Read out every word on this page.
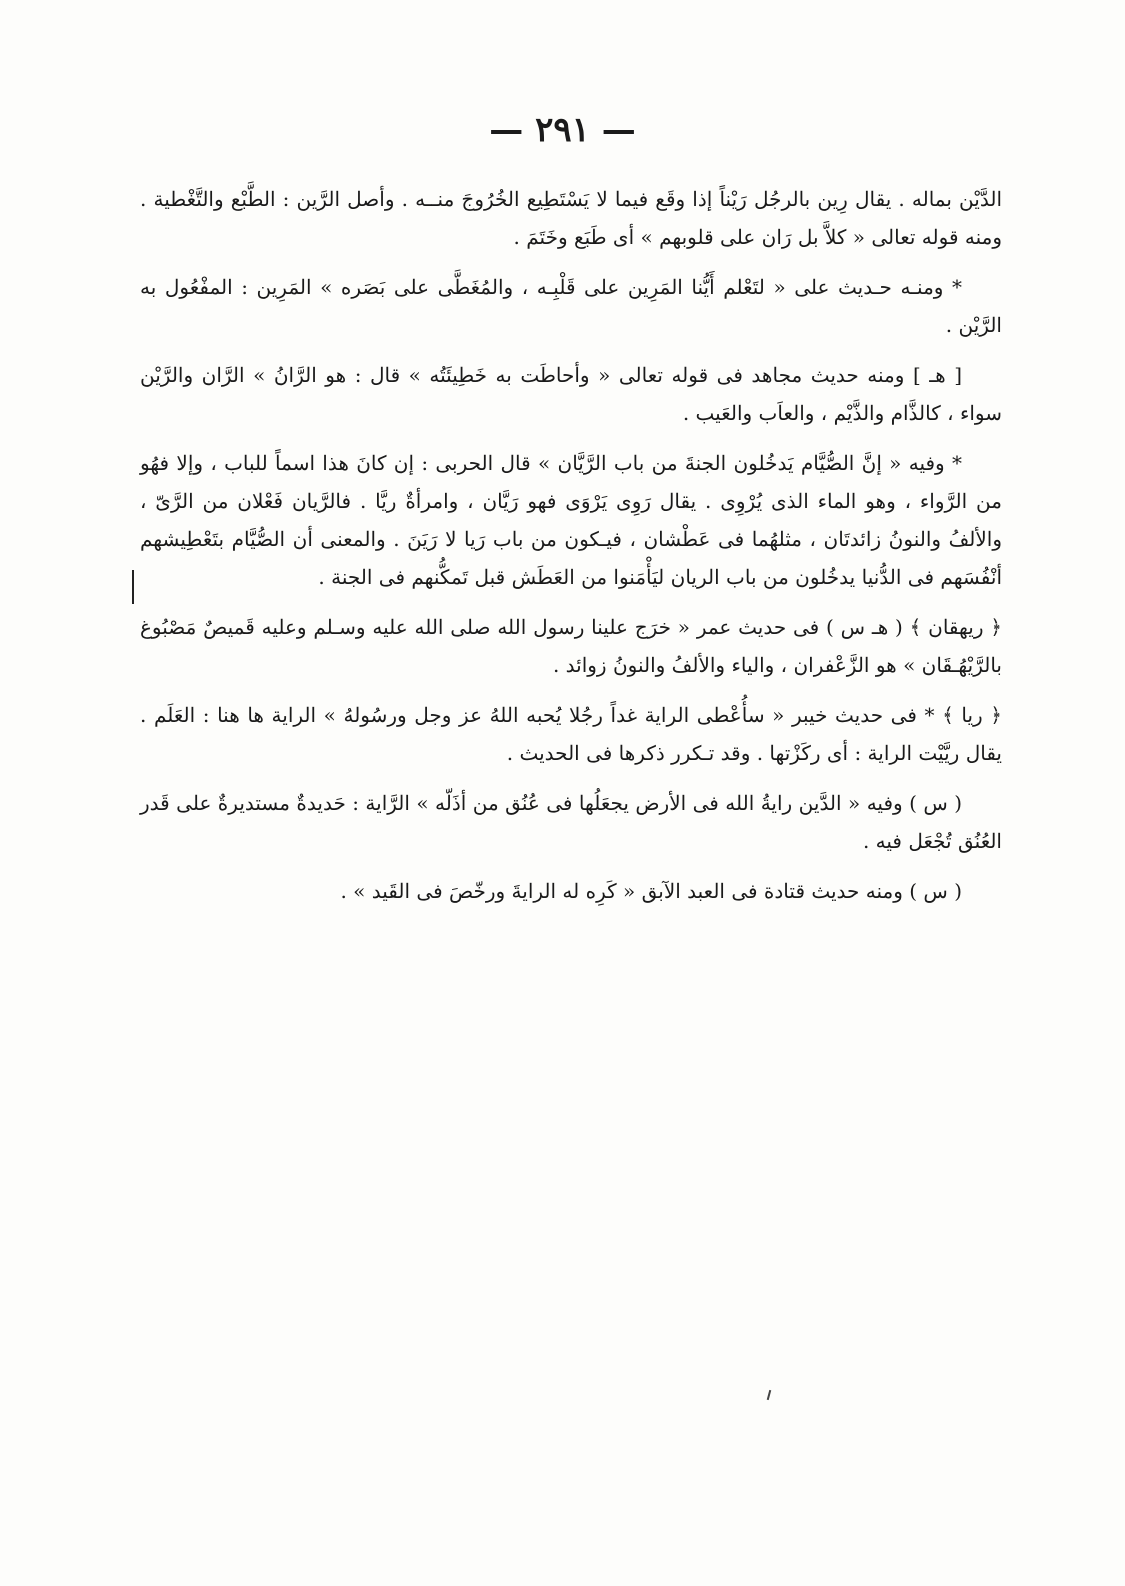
— ٢٩١ —

الدَّيْن بماله . يقال رِين بالرجُل رَيْناً إذا وقَع فيما لا يَسْتَطِيع الخُرُوجَ منــه . وأصل الرَّين : الطَّبْع والتَّغْطية . ومنه قوله تعالى « كلاَّ بل رَان على قلوبهم » أى طَبَع وخَتَمَ .

* ومنـه حـديث على « لتَعْلم أَيُّنا المَرِين على قَلْبِـه ، والمُغَطَّى على بَصَره » المَرِين : المفْعُول به الرَّيْن .

[ هـ ] ومنه حديث مجاهد فى قوله تعالى « وأحاطَت به خَطِيئَتُه » قال : هو الرَّانُ » الرَّان والرَّيْن سواء ، كالذَّام والذَّيْم ، والعاَب والعَيب .

* وفيه « إنَّ الصُّيَّام يَدخُلون الجنةَ من باب الرَّيَّان » قال الحربى : إن كانَ هذا اسماً للباب ، وإلا فهُو من الرَّواء ، وهو الماء الذى يُرْوِى . يقال رَوِى يَرْوَى فهو رَيَّان ، وامرأةٌ ريَّا . فالرَّيان فَعْلان من الرَّىّ ، والألفُ والنونُ زائدتَان ، مثلهُما فى عَطْشان ، فيـكون من باب رَيا لا رَيَنَ . والمعنى أن الصُّيَّام بتَعْطِيشهم أنْفُسَهم فى الدُّنيا يدخُلون من باب الريان ليَأْمَنوا من العَطَش قبل تَمكُّنهم فى الجنة .

﴿ ريهقان ﴾ ( هـ س ) فى حديث عمر « خرَج علينا رسول الله صلى الله عليه وسـلم وعليه قَميصٌ مَصْبُوغ بالرَّيْهُـقَان » هو الزَّعْفران ، والياء والألفُ والنونُ زوائد .

﴿ ريا ﴾ * فى حديث خيبر « سأُعْطى الراية غداً رجُلا يُحبه اللهُ عز وجل ورسُولهُ » الراية ها هنا : العَلَم . يقال ريَّيْت الراية : أى ركَزْتها . وقد تـكرر ذكرها فى الحديث .

( س ) وفيه « الدَّين رايةُ الله فى الأرض يجعَلُها فى عُنُق من أذَلّه » الرَّاية : حَديدةٌ مستديرةٌ على قَدر العُنُق تُجْعَل فيه .

( س ) ومنه حديث قتادة فى العبد الآبق « كَرِه له الرايةَ ورخّصَ فى القَيد » .
